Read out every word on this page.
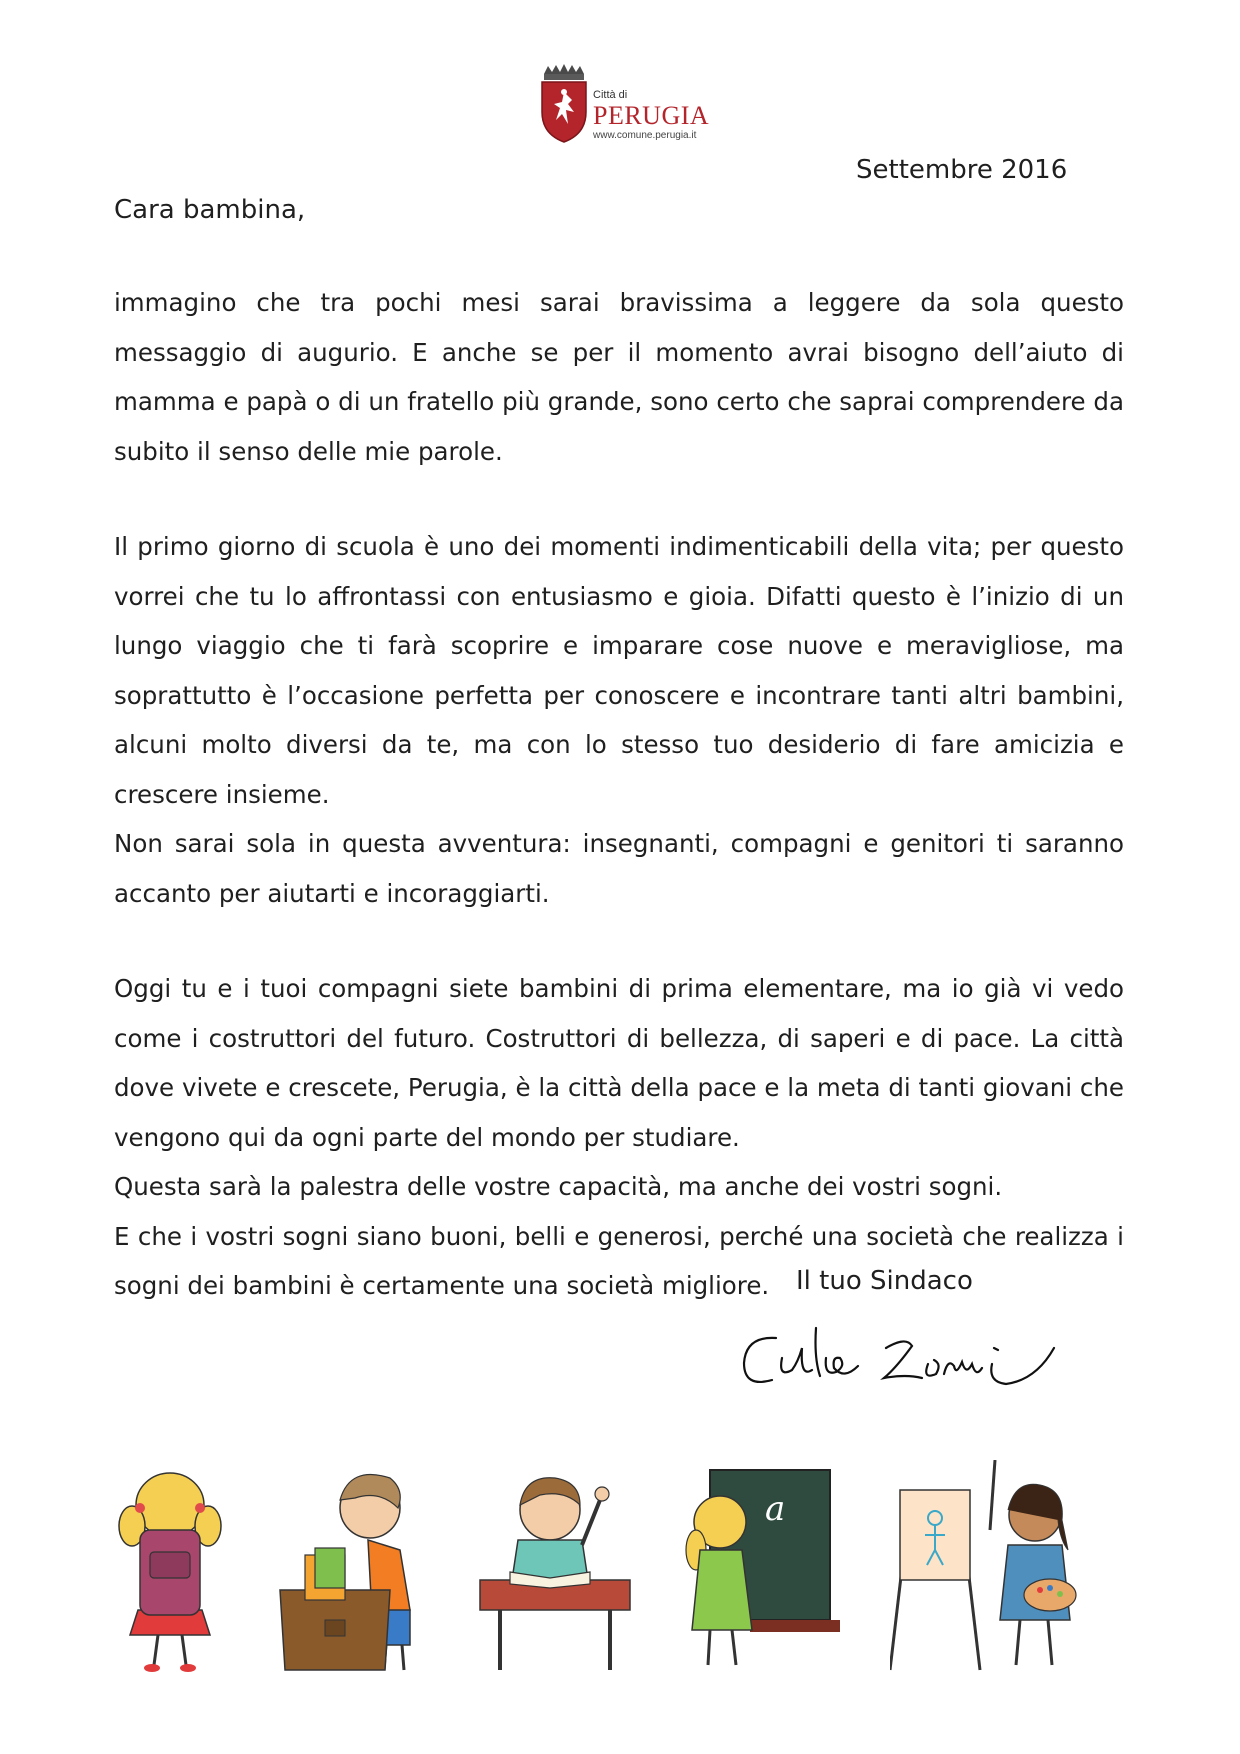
Città di
PERUGIA
www.comune.perugia.it
Settembre 2016
Cara bambina,

immagino che tra pochi mesi sarai bravissima a leggere da sola questo messaggio di augurio. E anche se per il momento avrai bisogno dell’aiuto di mamma e papà o di un fratello più grande, sono certo che saprai comprendere da subito il senso delle mie parole.

Il primo giorno di scuola è uno dei momenti indimenticabili della vita; per questo vorrei che tu lo affrontassi con entusiasmo e gioia. Difatti questo è l’inizio di un lungo viaggio che ti farà scoprire e imparare cose nuove e meravigliose, ma soprattutto è l’occasione perfetta per conoscere e incontrare tanti altri bambini, alcuni molto diversi da te, ma con lo stesso tuo desiderio di fare amicizia e crescere insieme.

Non sarai sola in questa avventura: insegnanti, compagni e genitori ti saranno accanto per aiutarti e incoraggiarti.

Oggi tu e i tuoi compagni siete bambini di prima elementare, ma io già vi vedo come i costruttori del futuro. Costruttori di bellezza, di saperi e di pace. La città dove vivete e crescete, Perugia, è la città della pace e la meta di tanti giovani che vengono qui da ogni parte del mondo per studiare.

Questa sarà la palestra delle vostre capacità, ma anche dei vostri sogni.

E che i vostri sogni siano buoni, belli e generosi, perché una società che realizza i sogni dei bambini è certamente una società migliore.	Il tuo Sindaco
a
